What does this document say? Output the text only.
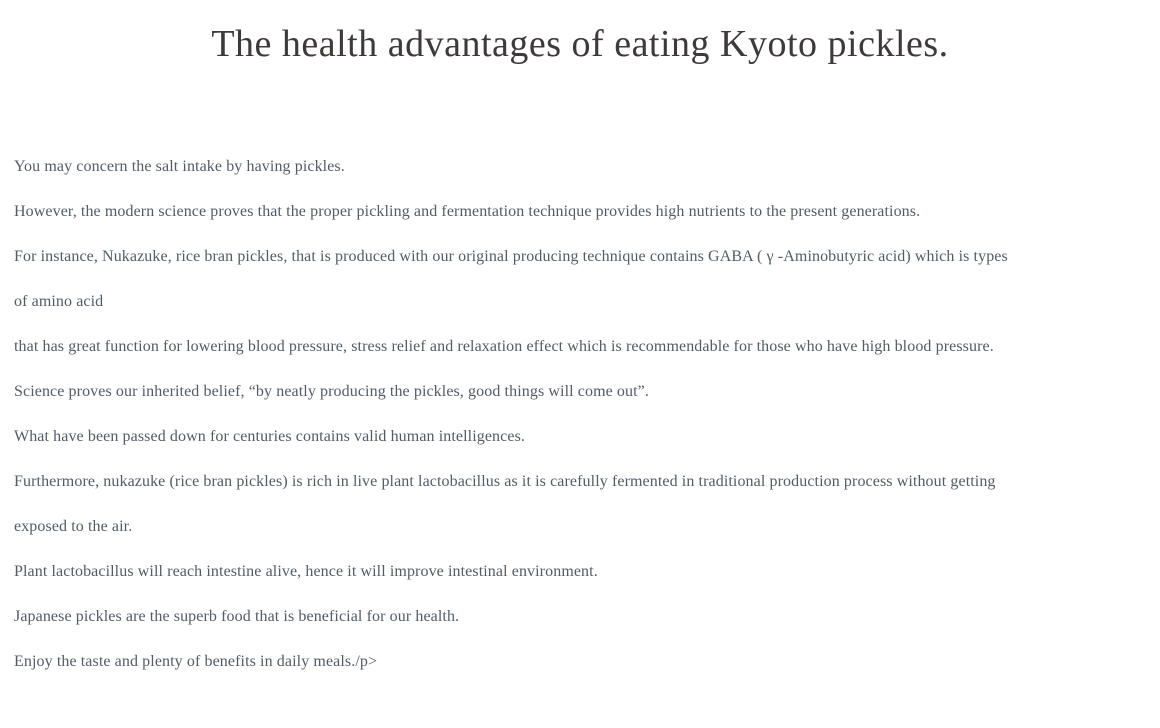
The health advantages of eating Kyoto pickles.

You may concern the salt intake by having pickles.

However, the modern science proves that the proper pickling and fermentation technique provides high nutrients to the present generations.

For instance, Nukazuke, rice bran pickles, that is produced with our original producing technique contains GABA ( γ -Aminobutyric acid) which is types
of amino acid

that has great function for lowering blood pressure, stress relief and relaxation effect which is recommendable for those who have high blood pressure.

Science proves our inherited belief, “by neatly producing the pickles, good things will come out”.

What have been passed down for centuries contains valid human intelligences.

Furthermore, nukazuke (rice bran pickles) is rich in live plant lactobacillus as it is carefully fermented in traditional production process without getting
exposed to the air.

Plant lactobacillus will reach intestine alive, hence it will improve intestinal environment.

Japanese pickles are the superb food that is beneficial for our health.

Enjoy the taste and plenty of benefits in daily meals./p>
